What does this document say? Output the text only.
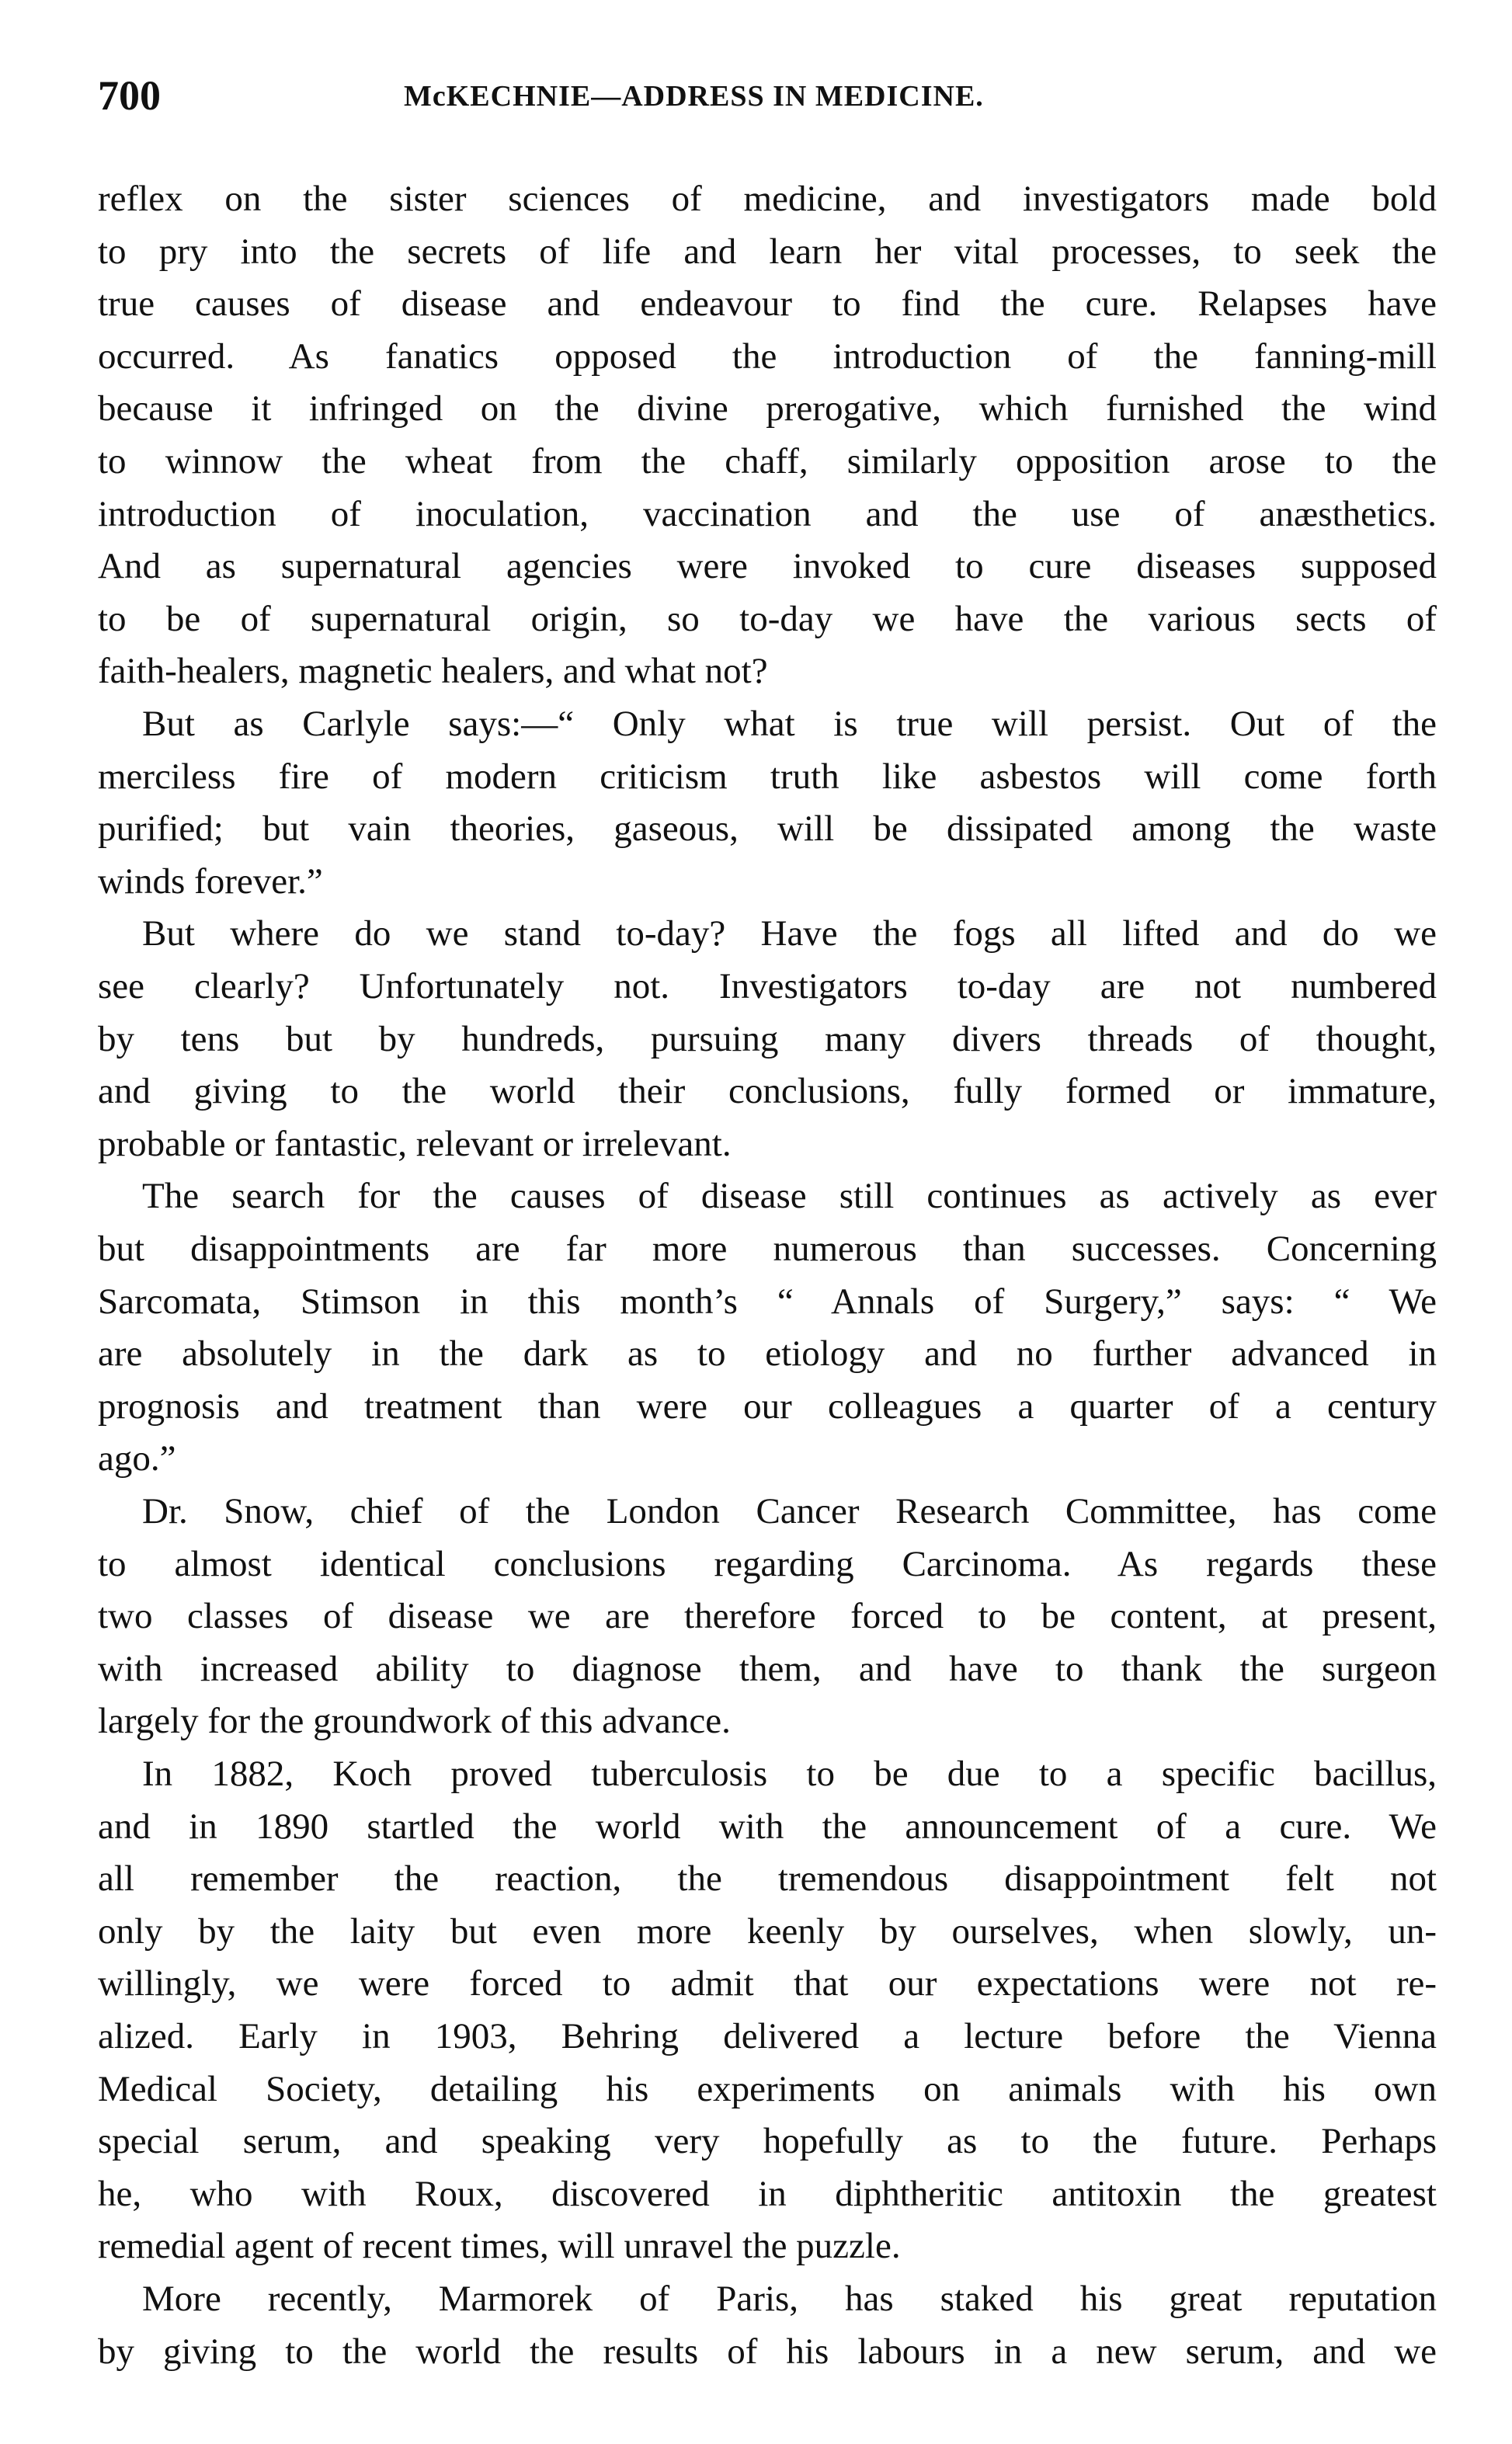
700	McKECHNIE—ADDRESS IN MEDICINE.
reflex on the sister sciences of medicine, and investigators made bold
to pry into the secrets of life and learn her vital processes, to seek the
true causes of disease and endeavour to find the cure. Relapses have
occurred. As fanatics opposed the introduction of the fanning-mill
because it infringed on the divine prerogative, which furnished the wind
to winnow the wheat from the chaff, similarly opposition arose to the
introduction of inoculation, vaccination and the use of anæsthetics.
And as supernatural agencies were invoked to cure diseases supposed
to be of supernatural origin, so to-day we have the various sects of
faith-healers, magnetic healers, and what not?
But as Carlyle says:—“ Only what is true will persist. Out of the
merciless fire of modern criticism truth like asbestos will come forth
purified; but vain theories, gaseous, will be dissipated among the waste
winds forever.”
But where do we stand to-day? Have the fogs all lifted and do we
see clearly? Unfortunately not. Investigators to-day are not numbered
by tens but by hundreds, pursuing many divers threads of thought,
and giving to the world their conclusions, fully formed or immature,
probable or fantastic, relevant or irrelevant.
The search for the causes of disease still continues as actively as ever
but disappointments are far more numerous than successes. Concerning
Sarcomata, Stimson in this month’s “ Annals of Surgery,” says: “ We
are absolutely in the dark as to etiology and no further advanced in
prognosis and treatment than were our colleagues a quarter of a century
ago.”
Dr. Snow, chief of the London Cancer Research Committee, has come
to almost identical conclusions regarding Carcinoma. As regards these
two classes of disease we are therefore forced to be content, at present,
with increased ability to diagnose them, and have to thank the surgeon
largely for the groundwork of this advance.
In 1882, Koch proved tuberculosis to be due to a specific bacillus,
and in 1890 startled the world with the announcement of a cure. We
all remember the reaction, the tremendous disappointment felt not
only by the laity but even more keenly by ourselves, when slowly, un-
willingly, we were forced to admit that our expectations were not re-
alized. Early in 1903, Behring delivered a lecture before the Vienna
Medical Society, detailing his experiments on animals with his own
special serum, and speaking very hopefully as to the future. Perhaps
he, who with Roux, discovered in diphtheritic antitoxin the greatest
remedial agent of recent times, will unravel the puzzle.
More recently, Marmorek of Paris, has staked his great reputation
by giving to the world the results of his labours in a new serum, and we
